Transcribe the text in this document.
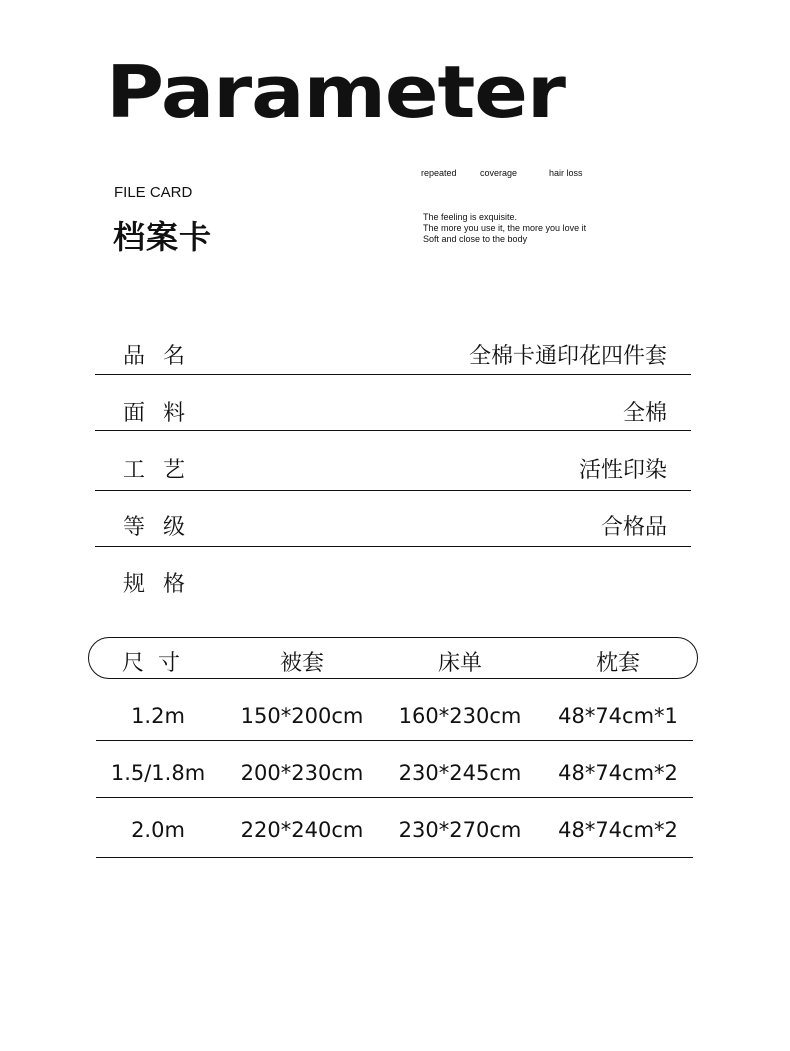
Parameter
repeated	coverage	hair loss
FILE CARD
档案卡
The feeling is exquisite.
The more you use it, the more you love it
Soft and close to the body
品名	全棉卡通印花四件套
面料	全棉
工艺	活性印染
等级	合格品
规格
尺寸	被套	床单	枕套
1.2m	150*200cm	160*230cm	48*74cm*1
1.5/1.8m	200*230cm	230*245cm	48*74cm*2
2.0m	220*240cm	230*270cm	48*74cm*2
